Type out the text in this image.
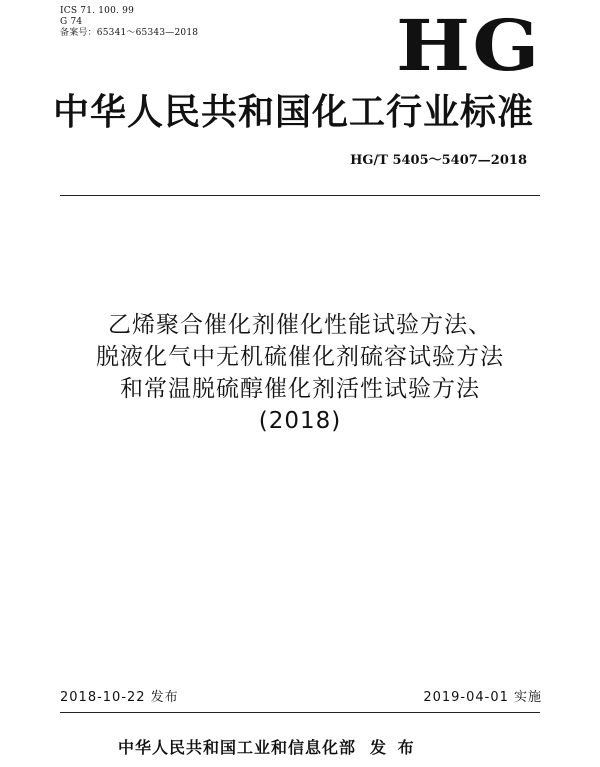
ICS 71. 100. 99
G 74
备案号：65341～65343—2018	HG
中华人民共和国化工行业标准
HG/T 5405～5407—2018
乙烯聚合催化剂催化性能试验方法、
脱液化气中无机硫催化剂硫容试验方法
和常温脱硫醇催化剂活性试验方法
(2018)
2018-10-22 发布	2019-04-01 实施
中华人民共和国工业和信息化部 发 布
